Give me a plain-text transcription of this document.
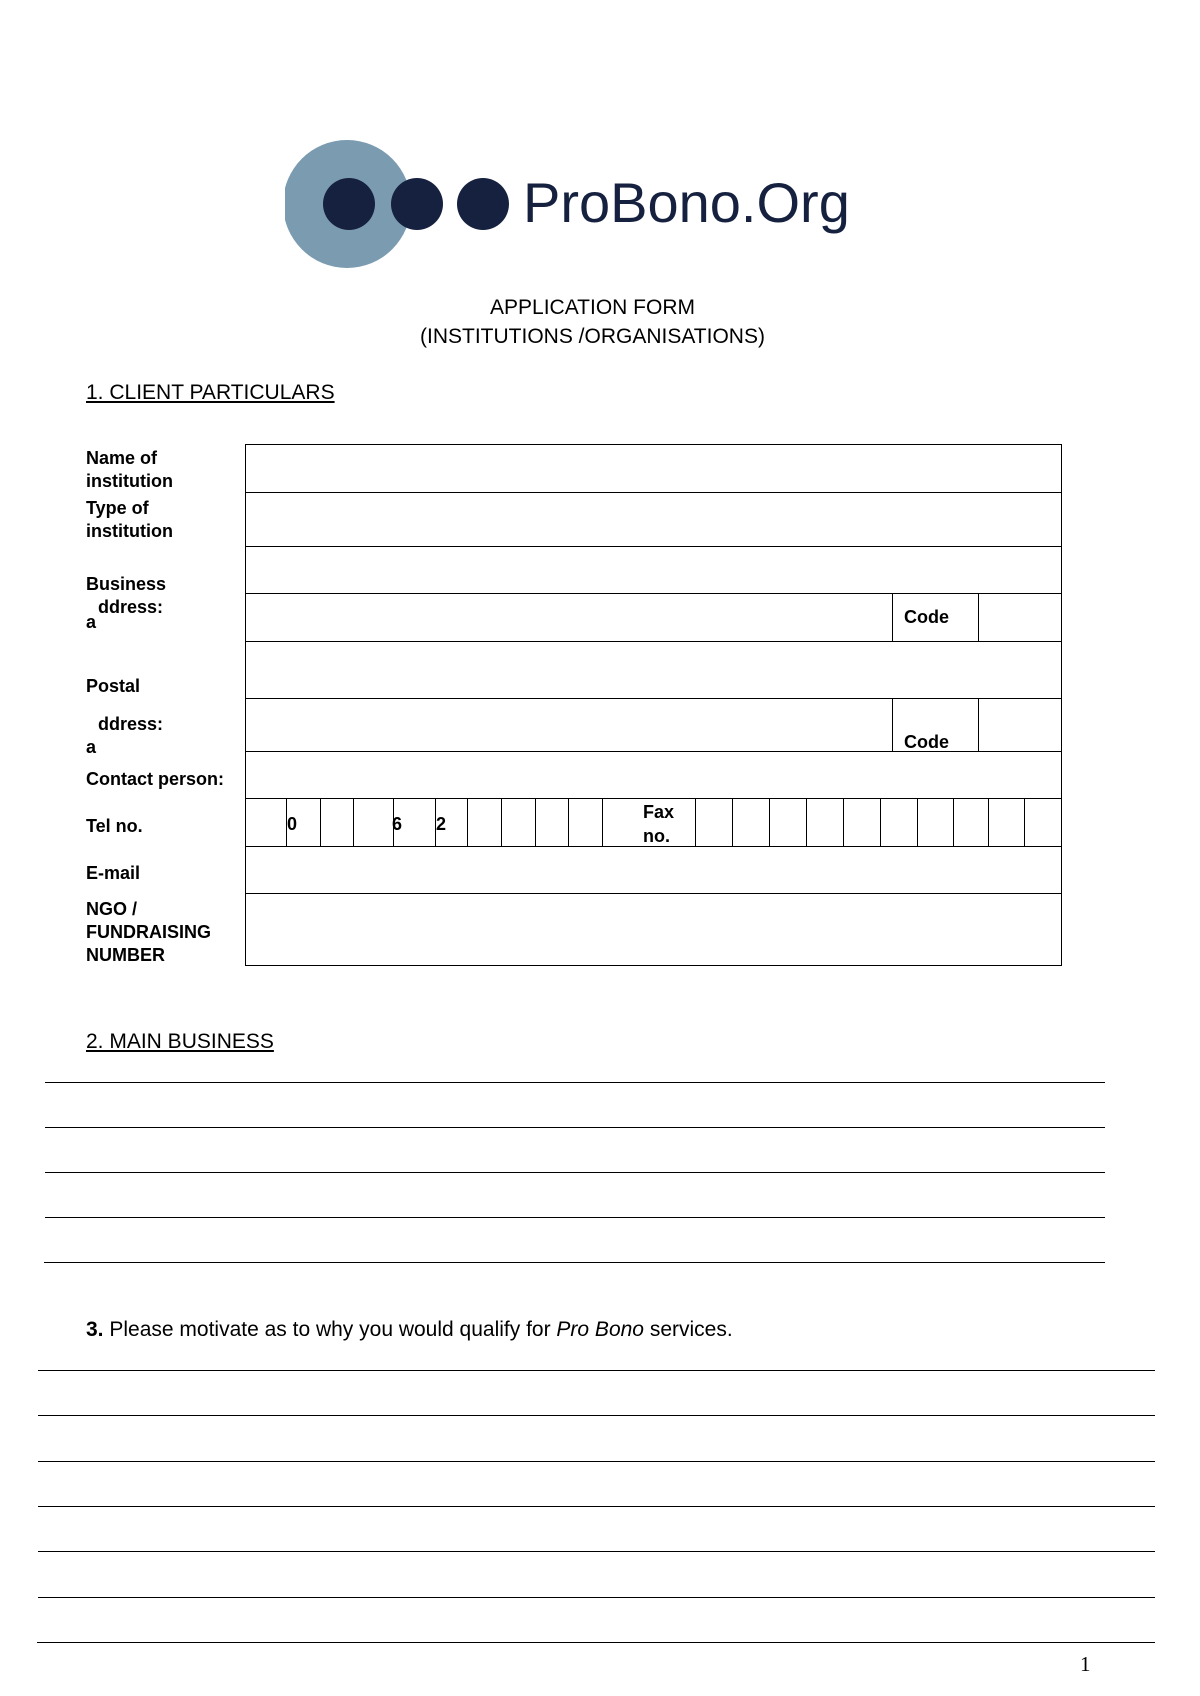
ProBono.Org
APPLICATION FORM
(INSTITUTIONS /ORGANISATIONS)
1. CLIENT PARTICULARS
Name of
institution
Type of
institution
Business
a
ddress:
Postal
ddress:
a
Contact person:
Tel no.
E-mail
NGO /
FUNDRAISING
NUMBER
Code
Code
0	6 2
Fax
no.
2. MAIN BUSINESS
3. Please motivate as to why you would qualify for Pro Bono services.
1
